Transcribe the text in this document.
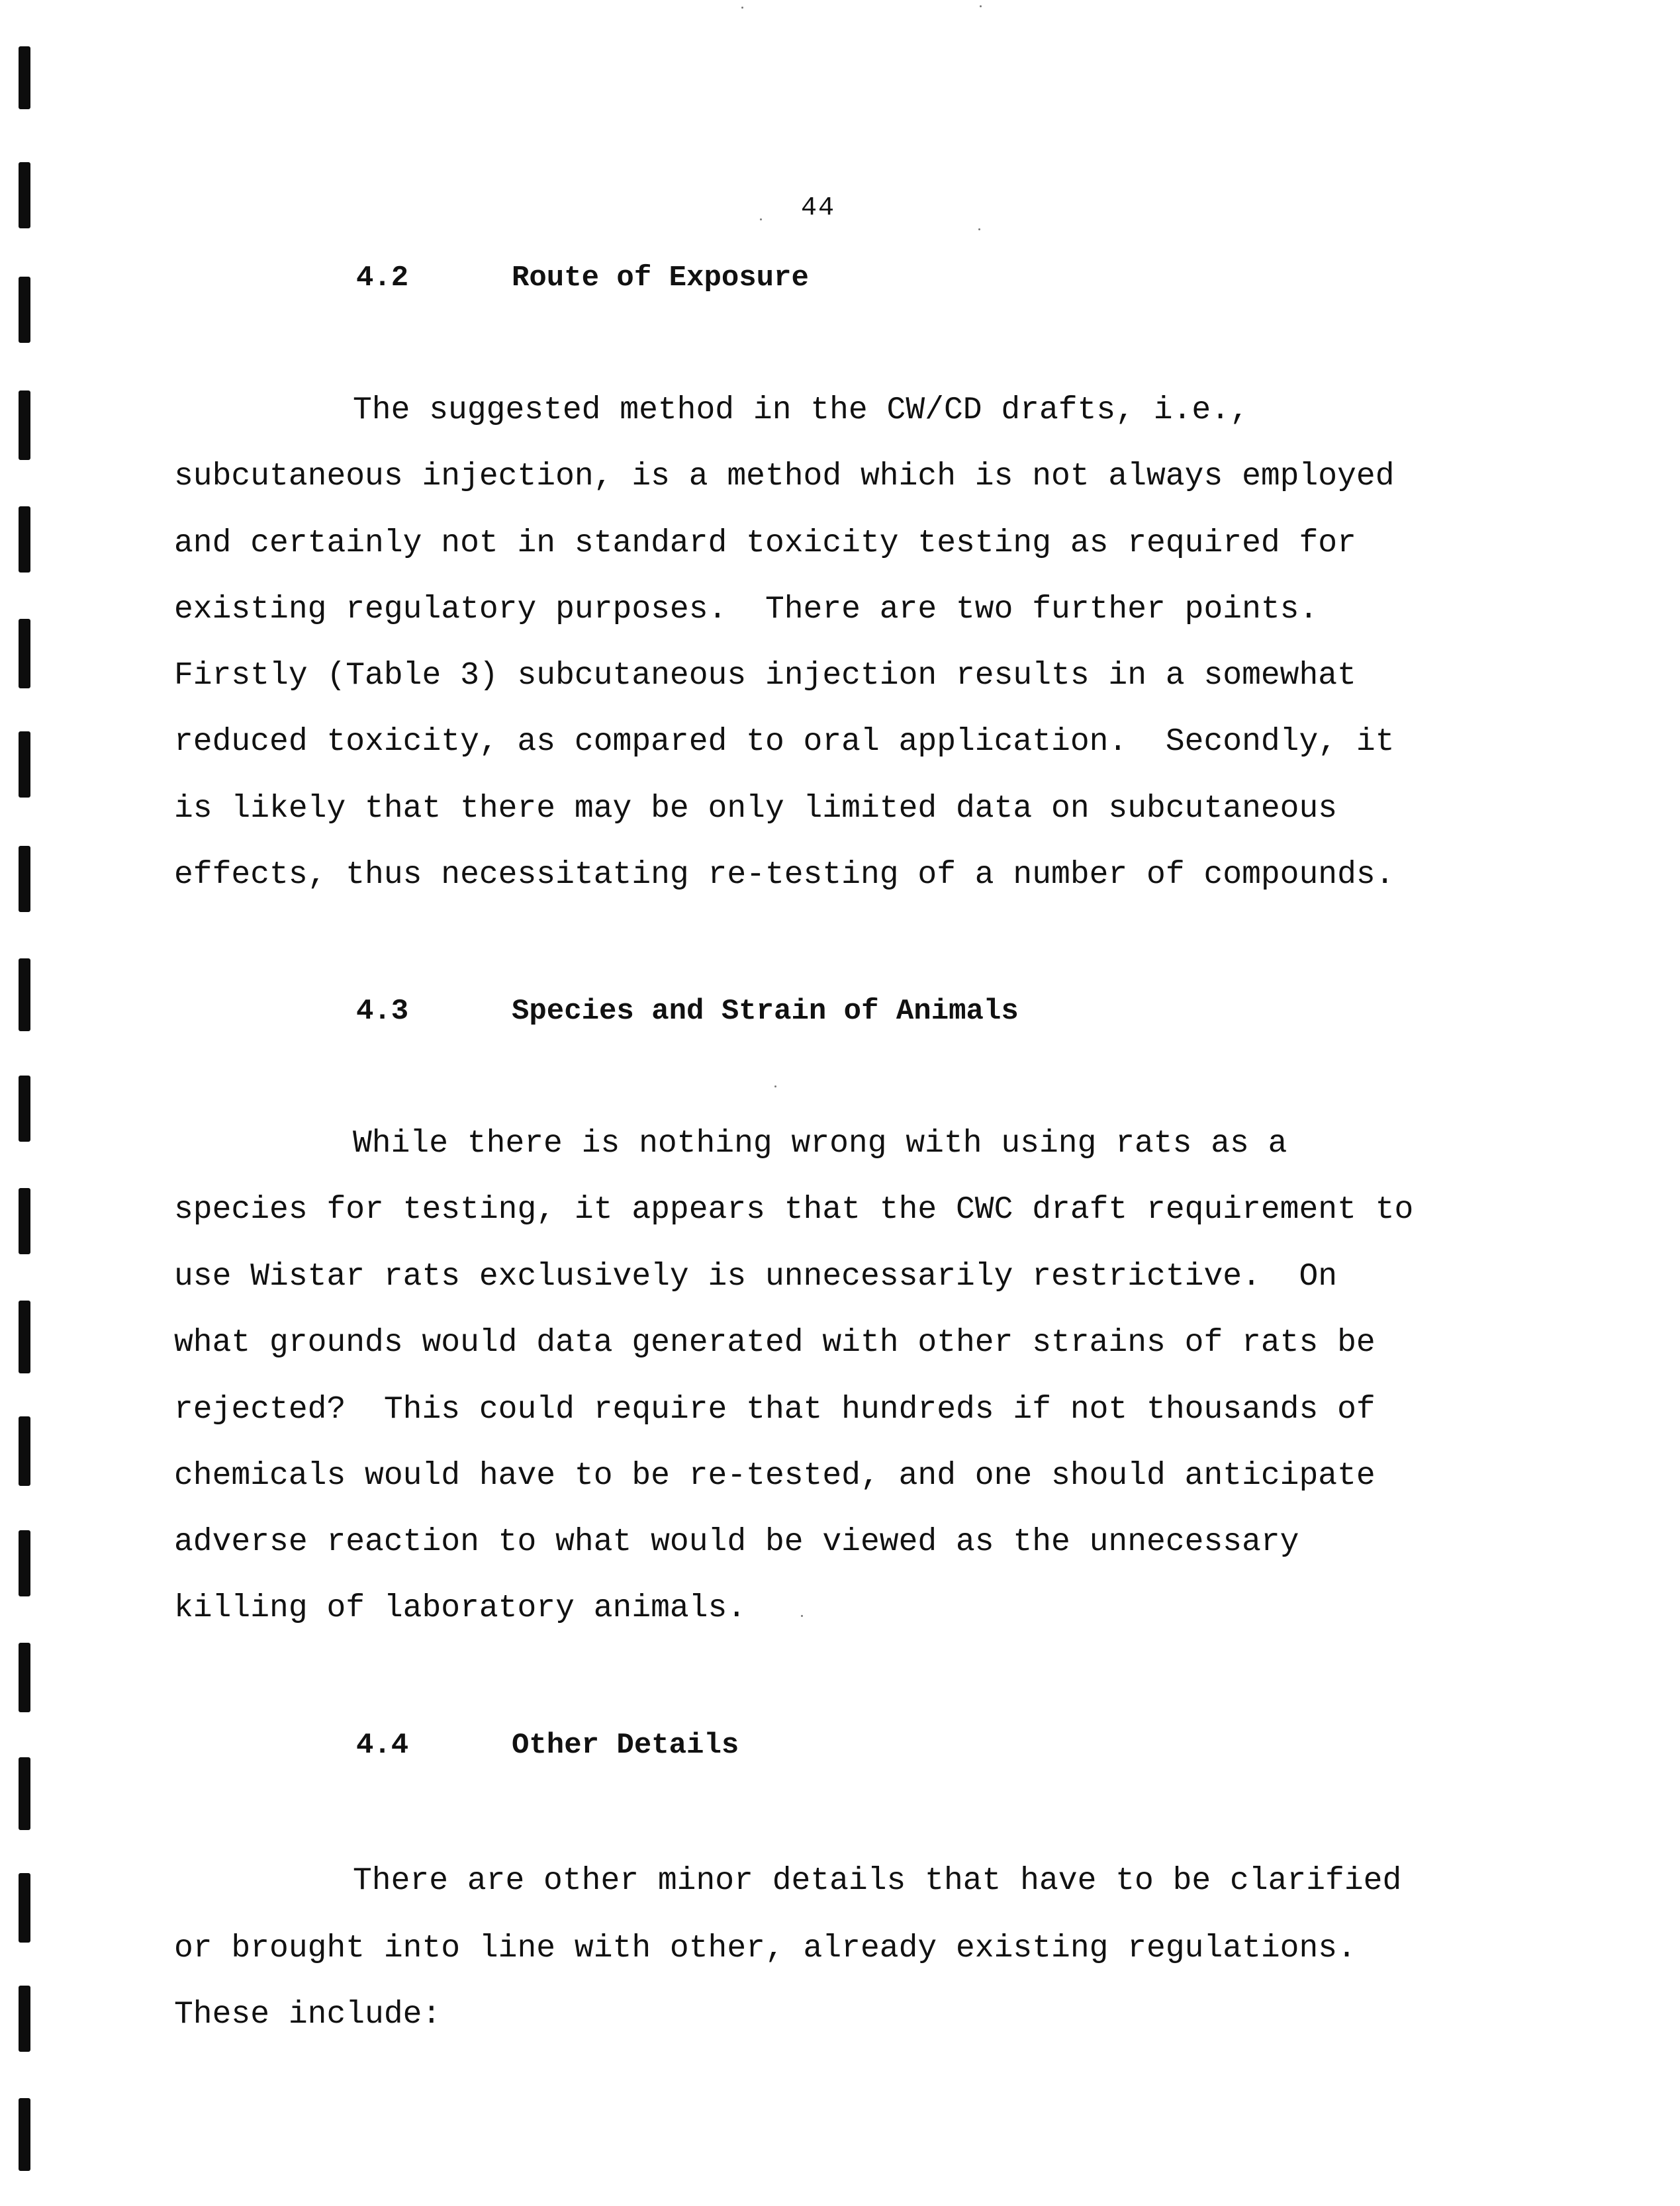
44
4.2	Route of Exposure
The suggested method in the CW/CD drafts, i.e.,
subcutaneous injection, is a method which is not always employed
and certainly not in standard toxicity testing as required for
existing regulatory purposes.  There are two further points.
Firstly (Table 3) subcutaneous injection results in a somewhat
reduced toxicity, as compared to oral application.  Secondly, it
is likely that there may be only limited data on subcutaneous
effects, thus necessitating re-testing of a number of compounds.
4.3	Species and Strain of Animals
While there is nothing wrong with using rats as a
species for testing, it appears that the CWC draft requirement to
use Wistar rats exclusively is unnecessarily restrictive.  On
what grounds would data generated with other strains of rats be
rejected?  This could require that hundreds if not thousands of
chemicals would have to be re-tested, and one should anticipate
adverse reaction to what would be viewed as the unnecessary
killing of laboratory animals.
4.4	Other Details
There are other minor details that have to be clarified
or brought into line with other, already existing regulations.
These include:
